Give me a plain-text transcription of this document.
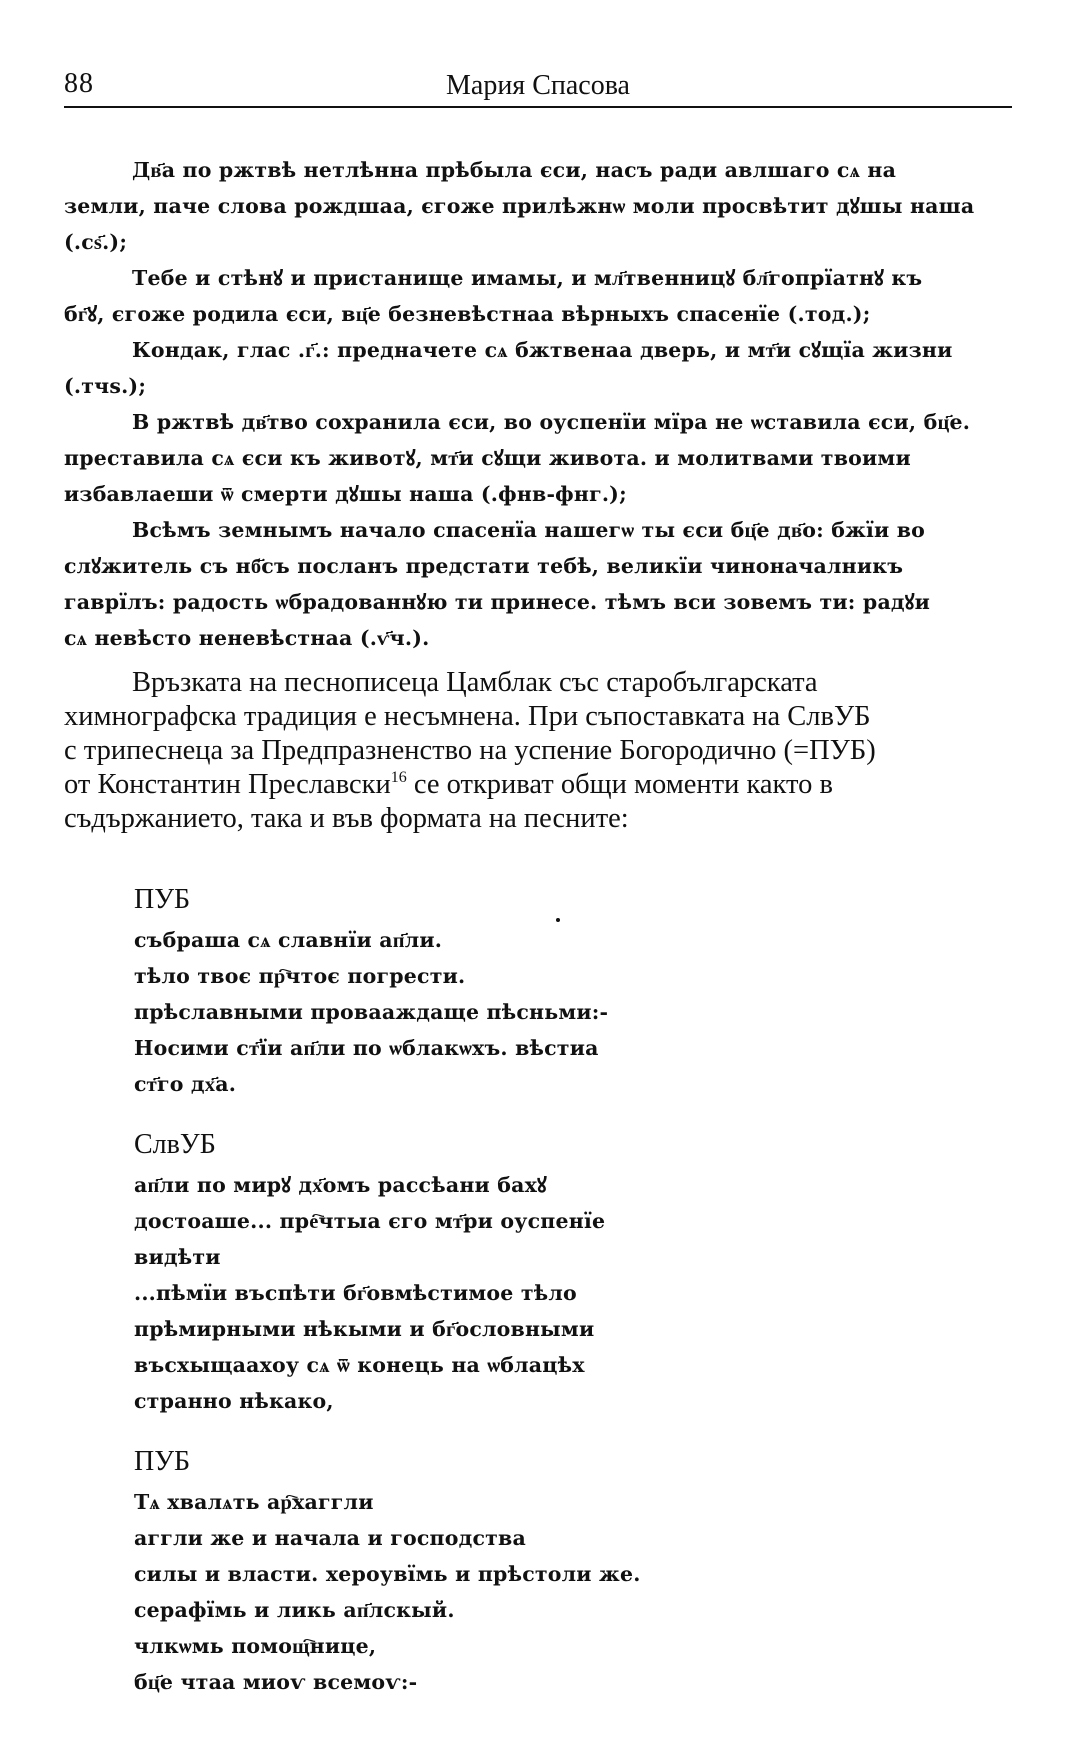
88	Мария Спасова
Дв҃а по ржтвѣ нетлѣнна прѣбыла єси, насъ ради авлшаго сѧ на
земли, паче слова рождшаа, єгоже прилѣжнѡ моли просвѣтит дꙋшы наша
(.сѕ҃.);
Тебе и стѣнꙋ и пристанище имамы, и мл҃твенницꙋ бл҃гопрїатнꙋ къ
бг҃ꙋ, єгоже родила єси, вц҃е безневѣстнаа вѣрныхъ спасенїе (.тод.);
Кондак, глас .г҃.: предначете сѧ бжтвенаа дверь, и мт҃и сꙋщїа жизни
(.тчѕ.);
В ржтвѣ дв҃тво сохранила єси, во оуспенїи мїра не ѡставила єси, бц҃е.
преставила сѧ єси къ животꙋ, мт҃и сꙋщи живота. и молитвами твоими
избавлаеши ѿ смерти дꙋшы наша (.фнв-фнг.);
Всѣмъ земнымъ начало спасенїа нашегѡ ты єси бц҃е дв҃о: бжїи во
слꙋжитель съ нб҃съ посланъ предстати тебѣ, великїи чиноначалникъ
гаврїлъ: радость ѡбрадованнꙋю ти принесе. тѣмъ вси зовемъ ти: радꙋи
сѧ невѣсто неневѣстнаа (.ѵ҃ч.).
Връзката на песнописеца Цамблак със старобългарската
химнографска традиция е несъмнена. При съпоставката на СлвУБ
с трипеснеца за Предпразненство на успение Богородично (=ПУБ)
от Константин Преславски$^{16}$ се откриват общи моменти както в
съдържанието, така и във формата на песните:
ПУБ
събраша сѧ славнїи ап҃ли.
тѣло твоє пр҇чтоє погрести.
прѣславными провааждаще пѣсньми:-
Носими ст҃їи ап҃ли по ѡблакѡхъ. вѣстиа
ст҃го дх҃а.
СлвУБ
ап҃ли по мирꙋ дх҃омъ рассѣани бахꙋ
достоаше... пре҇чтыа єго мт҃ри оуспенїе
видѣти
...пѣмїи въспѣти бг҃овмѣстимое тѣло
прѣмирными нѣкыми и бг҃ословными
въсхыщаахоу сѧ ѿ конець на ѡблацѣх
странно нѣкако,
ПУБ
Тѧ хвалѧть ар҇хаггли
аггли же и начала и господства
силы и власти. хероувїмь и прѣстоли же.
серафїмь и ликь ап҃лскый.
члкѡмь помощ҇нице,
бц҃е чтаа миоѵ всемоѵ:-
